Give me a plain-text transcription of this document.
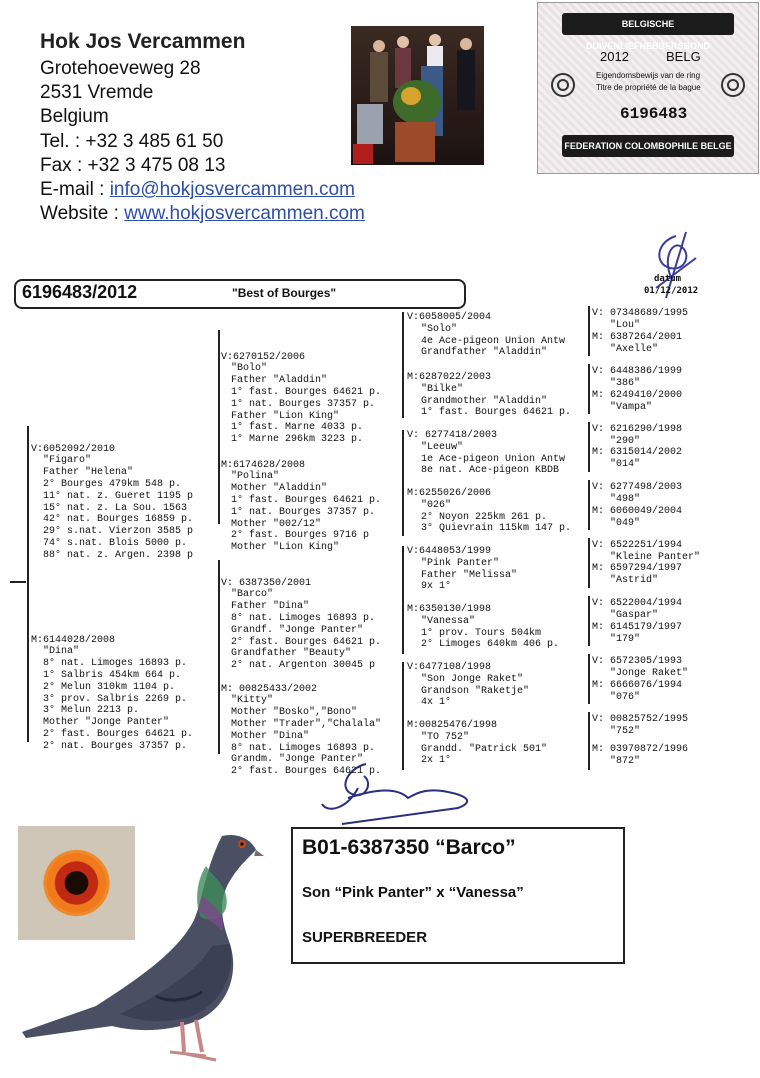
Hok Jos Vercammen
Grotehoeveweg 28
2531 Vremde
Belgium
Tel. : +32 3 485 61 50
Fax : +32 3 475 08 13
E-mail : info@hokjosvercammen.com
Website : www.hokjosvercammen.com
BELGISCHE DUIVENLIEFHEBBERSBOND
2012	BELG
Eigendomsbewijs van de ring
Titre de propriété de la bague
6196483
FEDERATION COLOMBOPHILE BELGE
6196483/2012	"Best of Bourges"
datum
01/12/2012

V:6052092/2010
"Figaro"
Father "Helena"
2° Bourges 479km 548 p.
11° nat. z. Gueret 1195 p
15° nat. z. La Sou. 1563
42° nat. Bourges 16859 p.
29° s.nat. Vierzon 3585 p
74° s.nat. Blois 5000 p.
88° nat. z. Argen. 2398 p

M:6144028/2008
"Dina"
8° nat. Limoges 16893 p.
1° Salbris 454km 664 p.
2° Melun 310km 1104 p.
3° prov. Salbris 2269 p.
3° Melun 2213 p.
Mother "Jonge Panter"
2° fast. Bourges 64621 p.
2° nat. Bourges 37357 p.

V:6270152/2006
"Bolo"
Father "Aladdin"
1° fast. Bourges 64621 p.
1° nat. Bourges 37357 p.
Father "Lion King"
1° fast. Marne 4033 p.
1° Marne 296km 3223 p.

M:6174628/2008
"Polina"
Mother "Aladdin"
1° fast. Bourges 64621 p.
1° nat. Bourges 37357 p.
Mother "002/12"
2° fast. Bourges 9716 p
Mother "Lion King"

V: 6387350/2001
"Barco"
Father "Dina"
8° nat. Limoges 16893 p.
Grandf. "Jonge Panter"
2° fast. Bourges 64621 p.
Grandfather "Beauty"
2° nat. Argenton 30045 p

M: 00825433/2002
"Kitty"
Mother "Bosko","Bono"
Mother "Trader","Chalala"
Mother "Dina"
8° nat. Limoges 16893 p.
Grandm. "Jonge Panter"
2° fast. Bourges 64621 p.

V:6058005/2004
"Solo"
4e Ace-pigeon Union Antw
Grandfather "Aladdin"
M:6287022/2003
"Bilke"
Grandmother "Aladdin"
1° fast. Bourges 64621 p.
V: 6277418/2003
"Leeuw"
1e Ace-pigeon Union Antw
8e nat. Ace-pigeon KBDB
M:6255026/2006
"026"
2° Noyon 225km 261 p.
3° Quievrain 115km 147 p.
V:6448053/1999
"Pink Panter"
Father "Melissa"
9x 1°
M:6350130/1998
"Vanessa"
1° prov. Tours 504km
2° Limoges 640km 406 p.
V:6477108/1998
"Son Jonge Raket"
Grandson "Raketje"
4x 1°
M:00825476/1998
"TO 752"
Grandd. "Patrick 501"
2x 1°
V: 07348689/1995
"Lou"
M: 6387264/2001
"Axelle"
V: 6448386/1999
"386"
M: 6249410/2000
"Vampa"
V: 6216290/1998
"290"
M: 6315014/2002
"014"
V: 6277498/2003
"498"
M: 6060049/2004
"049"
V: 6522251/1994
"Kleine Panter"
M: 6597294/1997
"Astrid"
V: 6522004/1994
"Gaspar"
M: 6145179/1997
"179"
V: 6572305/1993
"Jonge Raket"
M: 6666076/1994
"076"
V: 00825752/1995
"752"
M: 03970872/1996
"872"
B01-6387350 “Barco”
Son “Pink Panter” x “Vanessa”
SUPERBREEDER
